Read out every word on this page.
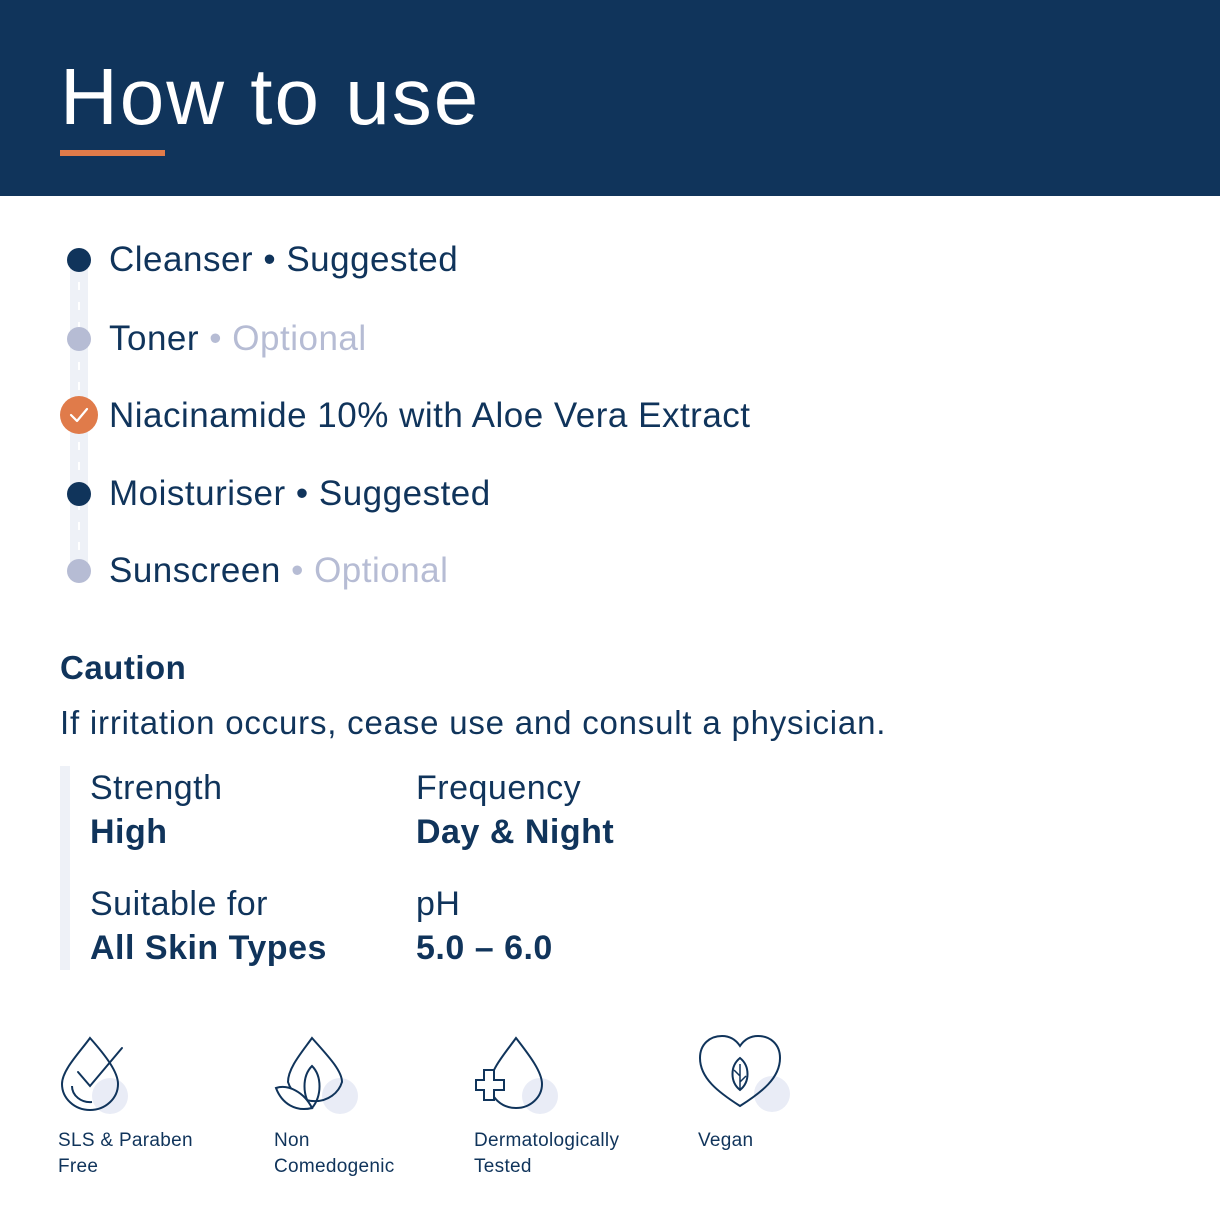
How to use
Cleanser • Suggested
Toner • Optional
Niacinamide 10% with Aloe Vera Extract
Moisturiser • Suggested
Sunscreen • Optional
Caution
If irritation occurs, cease use and consult a physician.
Strength
High
Frequency
Day & Night
Suitable for
All Skin Types
pH
5.0 – 6.0
SLS & Paraben
Free
Non
Comedogenic
Dermatologically
Tested
Vegan
